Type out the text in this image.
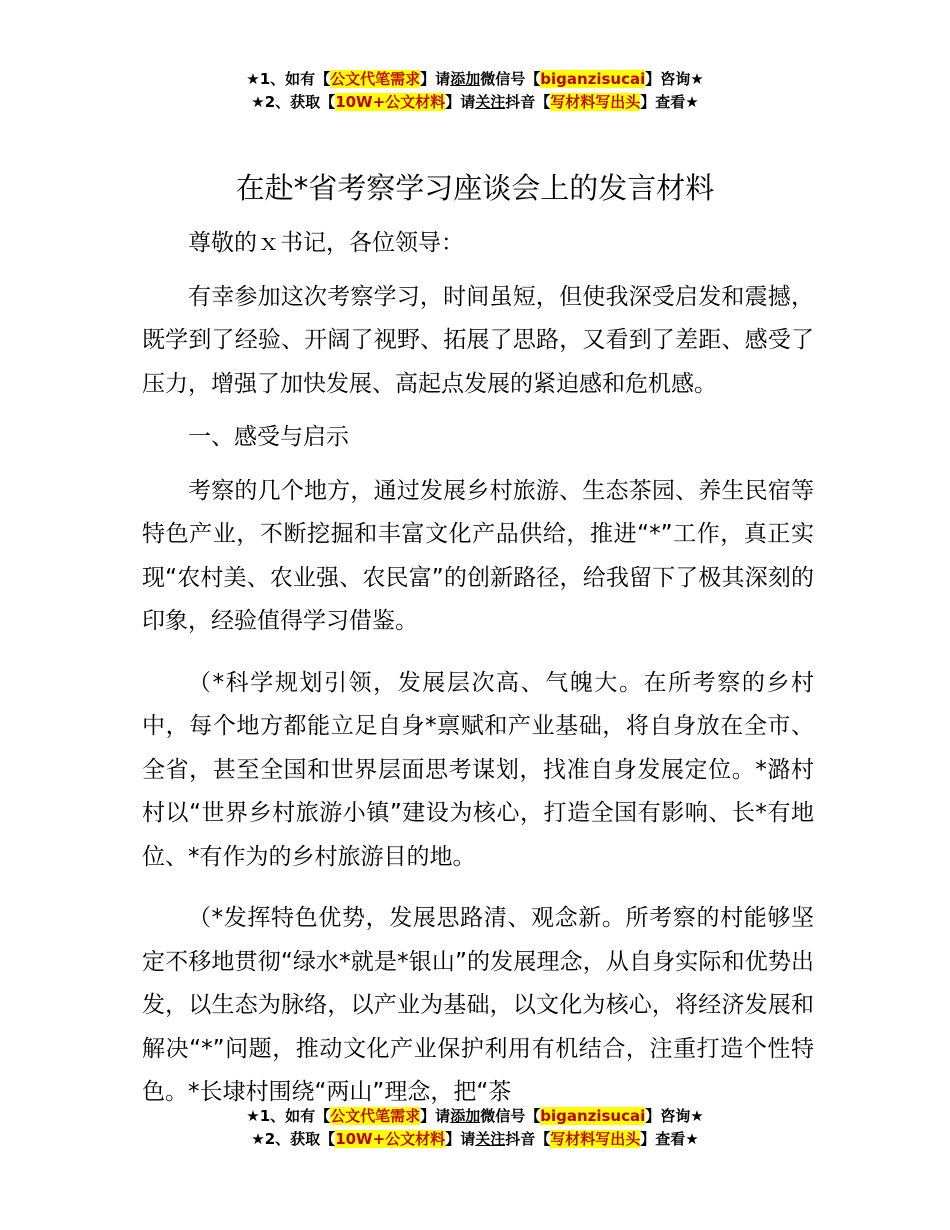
★1、如有【公文代笔需求】请添加微信号【biganzisucai】咨询★
★2、获取【10W+公文材料】请关注抖音【写材料写出头】查看★
在赴*省考察学习座谈会上的发言材料

尊敬的ｘ书记，各位领导：

有幸参加这次考察学习，时间虽短，但使我深受启发和震撼，既学到了经验、开阔了视野、拓展了思路，又看到了差距、感受了压力，增强了加快发展、高起点发展的紧迫感和危机感。

一、感受与启示

考察的几个地方，通过发展乡村旅游、生态茶园、养生民宿等特色产业，不断挖掘和丰富文化产品供给，推进“*”工作，真正实现“农村美、农业强、农民富”的创新路径，给我留下了极其深刻的印象，经验值得学习借鉴。

（*科学规划引领，发展层次高、气魄大。在所考察的乡村中，每个地方都能立足自身*禀赋和产业基础，将自身放在全市、全省，甚至全国和世界层面思考谋划，找准自身发展定位。*潞村村以“世界乡村旅游小镇”建设为核心，打造全国有影响、长*有地位、*有作为的乡村旅游目的地。

（*发挥特色优势，发展思路清、观念新。所考察的村能够坚定不移地贯彻“绿水*就是*银山”的发展理念，从自身实际和优势出发，以生态为脉络，以产业为基础，以文化为核心，将经济发展和解决“*”问题，推动文化产业保护利用有机结合，注重打造个性特色。*长埭村围绕“两山”理念，把“茶

★1、如有【公文代笔需求】请添加微信号【biganzisucai】咨询★
★2、获取【10W+公文材料】请关注抖音【写材料写出头】查看★
